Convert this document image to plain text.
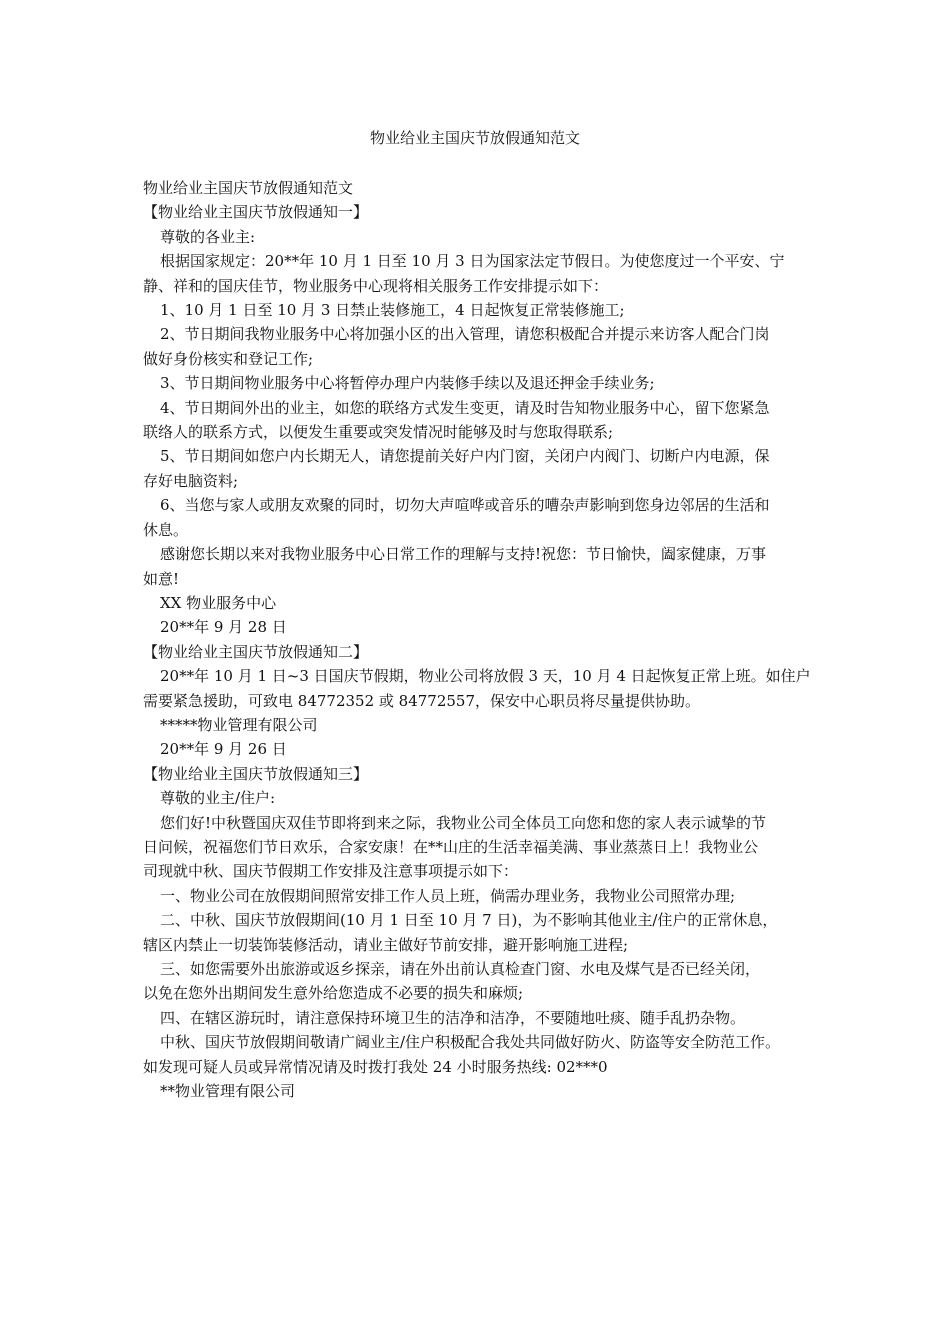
物业给业主国庆节放假通知范文

物业给业主国庆节放假通知范文

【物业给业主国庆节放假通知一】

尊敬的各业主:

根据国家规定：20**年 10 月 1 日至 10 月 3 日为国家法定节假日。为使您度过一个平安、宁

静、祥和的国庆佳节，物业服务中心现将相关服务工作安排提示如下：

1、10 月 1 日至 10 月 3 日禁止装修施工，4 日起恢复正常装修施工;

2、节日期间我物业服务中心将加强小区的出入管理，请您积极配合并提示来访客人配合门岗

做好身份核实和登记工作;

3、节日期间物业服务中心将暂停办理户内装修手续以及退还押金手续业务;

4、节日期间外出的业主，如您的联络方式发生变更，请及时告知物业服务中心，留下您紧急

联络人的联系方式，以便发生重要或突发情况时能够及时与您取得联系;

5、节日期间如您户内长期无人，请您提前关好户内门窗，关闭户内阀门、切断户内电源，保

存好电脑资料;

6、当您与家人或朋友欢聚的同时，切勿大声喧哗或音乐的嘈杂声影响到您身边邻居的生活和

休息。

感谢您长期以来对我物业服务中心日常工作的理解与支持!祝您：节日愉快，阖家健康，万事

如意!

XX 物业服务中心

20**年 9 月 28 日

【物业给业主国庆节放假通知二】

20**年 10 月 1 日~3 日国庆节假期，物业公司将放假 3 天，10 月 4 日起恢复正常上班。如住户

需要紧急援助，可致电 84772352 或 84772557，保安中心职员将尽量提供协助。

*****物业管理有限公司

20**年 9 月 26 日

【物业给业主国庆节放假通知三】

尊敬的业主/住户:

您们好!中秋暨国庆双佳节即将到来之际，我物业公司全体员工向您和您的家人表示诚挚的节

日问候，祝福您们节日欢乐，合家安康！在**山庄的生活幸福美满、事业蒸蒸日上！我物业公

司现就中秋、国庆节假期工作安排及注意事项提示如下：

一、物业公司在放假期间照常安排工作人员上班，倘需办理业务，我物业公司照常办理;

二、中秋、国庆节放假期间(10 月 1 日至 10 月 7 日)，为不影响其他业主/住户的正常休息，

辖区内禁止一切装饰装修活动，请业主做好节前安排，避开影响施工进程;

三、如您需要外出旅游或返乡探亲，请在外出前认真检查门窗、水电及煤气是否已经关闭，

以免在您外出期间发生意外给您造成不必要的损失和麻烦;

四、在辖区游玩时，请注意保持环境卫生的洁净和洁净，不要随地吐痰、随手乱扔杂物。

中秋、国庆节放假期间敬请广阔业主/住户积极配合我处共同做好防火、防盗等安全防范工作。

如发现可疑人员或异常情况请及时拨打我处 24 小时服务热线: 02***0

**物业管理有限公司
